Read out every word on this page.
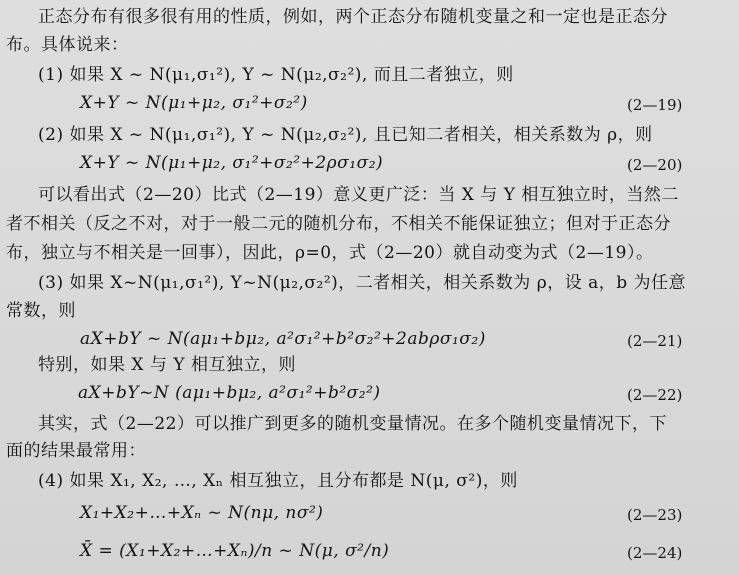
正态分布有很多很有用的性质，例如，两个正态分布随机变量之和一定也是正态分
布。具体说来：
(1) 如果 X ~ N(μ₁,σ₁²), Y ~ N(μ₂,σ₂²), 而且二者独立，则
X+Y ~ N(μ₁+μ₂, σ₁²+σ₂²)	(2—19)
(2) 如果 X ~ N(μ₁,σ₁²), Y ~ N(μ₂,σ₂²), 且已知二者相关，相关系数为 ρ，则
X+Y ~ N(μ₁+μ₂, σ₁²+σ₂²+2ρσ₁σ₂)	(2—20)
可以看出式（2—20）比式（2—19）意义更广泛：当 X 与 Y 相互独立时，当然二
者不相关（反之不对，对于一般二元的随机分布，不相关不能保证独立；但对于正态分
布，独立与不相关是一回事），因此，ρ=0，式（2—20）就自动变为式（2—19）。
(3) 如果 X~N(μ₁,σ₁²), Y~N(μ₂,σ₂²)，二者相关，相关系数为 ρ，设 a，b 为任意
常数，则
aX+bY ~ N(aμ₁+bμ₂, a²σ₁²+b²σ₂²+2abρσ₁σ₂)	(2—21)
特别，如果 X 与 Y 相互独立，则
aX+bY~N (aμ₁+bμ₂, a²σ₁²+b²σ₂²)	(2—22)
其实，式（2—22）可以推广到更多的随机变量情况。在多个随机变量情况下，下
面的结果最常用：
(4) 如果 X₁, X₂, …, Xₙ 相互独立，且分布都是 N(μ, σ²)，则
X₁+X₂+…+Xₙ ~ N(nμ, nσ²)	(2—23)
X̄ = (X₁+X₂+…+Xₙ)/n ~ N(μ, σ²/n)	(2—24)
